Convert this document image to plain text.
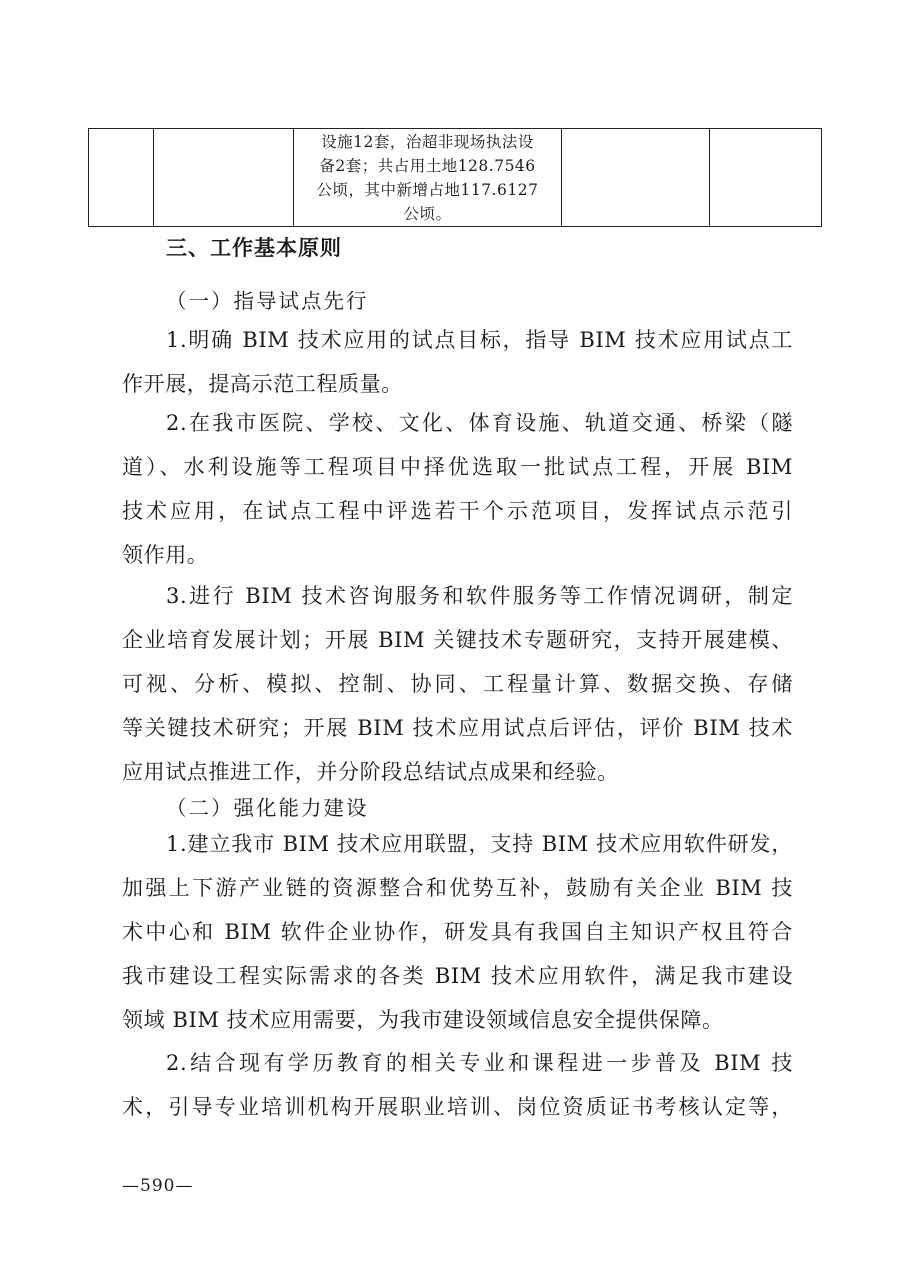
设施12套，治超非现场执法设
备2套；共占用土地128.7546
公顷，其中新增占地117.6127
公顷。

三、工作基本原则
（一）指导试点先行
1.明确 BIM 技术应用的试点目标，指导 BIM 技术应用试点工
作开展，提高示范工程质量。
2.在我市医院、学校、文化、体育设施、轨道交通、桥梁（隧
道）、水利设施等工程项目中择优选取一批试点工程，开展 BIM
技术应用，在试点工程中评选若干个示范项目，发挥试点示范引
领作用。
3.进行 BIM 技术咨询服务和软件服务等工作情况调研，制定
企业培育发展计划；开展 BIM 关键技术专题研究，支持开展建模、
可视、分析、模拟、控制、协同、工程量计算、数据交换、存储
等关键技术研究；开展 BIM 技术应用试点后评估，评价 BIM 技术
应用试点推进工作，并分阶段总结试点成果和经验。
（二）强化能力建设
1.建立我市 BIM 技术应用联盟，支持 BIM 技术应用软件研发，
加强上下游产业链的资源整合和优势互补，鼓励有关企业 BIM 技
术中心和 BIM 软件企业协作，研发具有我国自主知识产权且符合
我市建设工程实际需求的各类 BIM 技术应用软件，满足我市建设
领域 BIM 技术应用需要，为我市建设领域信息安全提供保障。
2.结合现有学历教育的相关专业和课程进一步普及 BIM 技
术，引导专业培训机构开展职业培训、岗位资质证书考核认定等，
—590—
